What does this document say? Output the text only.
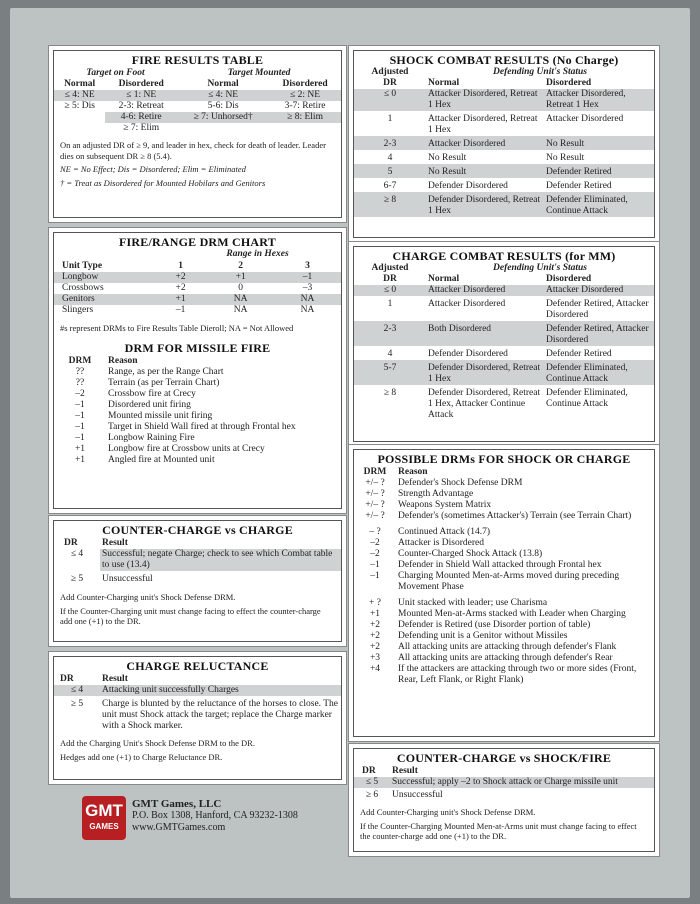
FIRE RESULTS TABLE
Target on Foot		Target Mounted	
Normal	Disordered	Normal	Disordered
≤ 4: NE	≤ 1: NE	≤ 4: NE	≤ 2: NE
≥ 5: Dis	2-3: Retreat	5-6: Dis	3-7: Retire
	4-6: Retire	≥ 7: Unhorsed†	≥ 8: Elim
	≥ 7: Elim		
On an adjusted DR of ≥ 9, and leader in hex, check for death of leader. Leader dies on subsequent DR ≥ 8 (5.4).
NE = No Effect; Dis = Disordered; Elim = Eliminated
† = Treat as Disordered for Mounted Hobilars and Genitors
FIRE/RANGE DRM CHART
Range in Hexes
Unit Type	1	2	3
Longbow	+2	+1	–1
Crossbows	+2	0	–3
Genitors	+1	NA	NA
Slingers	–1	NA	NA
#s represent DRMs to Fire Results Table Dieroll; NA = Not Allowed
DRM FOR MISSILE FIRE
DRM	Reason
??	Range, as per the Range Chart
??	Terrain (as per Terrain Chart)
–2	Crossbow fire at Crecy
–1	Disordered unit firing
–1	Mounted missile unit firing
–1	Target in Shield Wall fired at through Frontal hex
–1	Longbow Raining Fire
+1	Longbow fire at Crossbow units at Crecy
+1	Angled fire at Mounted unit
COUNTER-CHARGE vs CHARGE
DR	Result
≤ 4	Successful; negate Charge; check to see which Combat table to use (13.4)
≥ 5	Unsuccessful
Add Counter-Charging unit's Shock Defense DRM.
If the Counter-Charging unit must change facing to effect the counter-charge add one (+1) to the DR.
CHARGE RELUCTANCE
DR	Result
≤ 4	Attacking unit successfully Charges
≥ 5	Charge is blunted by the reluctance of the horses to close. The unit must Shock attack the target; replace the Charge marker with a Shock marker.
Add the Charging Unit's Shock Defense DRM to the DR.
Hedges add one (+1) to Charge Reluctance DR.
GMT
GAMES
GMT Games, LLC
P.O. Box 1308, Hanford, CA 93232-1308
www.GMTGames.com
SHOCK COMBAT RESULTS (No Charge)
Adjusted	Defending Unit's Status	
DR	Normal	Disordered
≤ 0	Attacker Disordered, Retreat 1 Hex	Attacker Disordered, Retreat 1 Hex
1	Attacker Disordered, Retreat 1 Hex	Attacker Disordered
2-3	Attacker Disordered	No Result
4	No Result	No Result
5	No Result	Defender Retired
6-7	Defender Disordered	Defender Retired
≥ 8	Defender Disordered, Retreat 1 Hex	Defender Eliminated, Continue Attack
CHARGE COMBAT RESULTS (for MM)
Adjusted	Defending Unit's Status	
DR	Normal	Disordered
≤ 0	Attacker Disordered	Attacker Disordered
1	Attacker Disordered	Defender Retired, Attacker Disordered
2-3	Both Disordered	Defender Retired, Attacker Disordered
4	Defender Disordered	Defender Retired
5-7	Defender Disordered, Retreat 1 Hex	Defender Eliminated, Continue Attack
≥ 8	Defender Disordered, Retreat 1 Hex, Attacker Continue Attack	Defender Eliminated, Continue Attack
POSSIBLE DRMs FOR SHOCK OR CHARGE
DRM	Reason
+/– ?	Defender's Shock Defense DRM
+/– ?	Strength Advantage
+/– ?	Weapons System Matrix
+/– ?	Defender's (sometimes Attacker's) Terrain (see Terrain Chart)
– ?	Continued Attack (14.7)
–2	Attacker is Disordered
–2	Counter-Charged Shock Attack (13.8)
–1	Defender in Shield Wall attacked through Frontal hex
–1	Charging Mounted Men-at-Arms moved during preceding Movement Phase
+ ?	Unit stacked with leader; use Charisma
+1	Mounted Men-at-Arms stacked with Leader when Charging
+2	Defender is Retired (use Disorder portion of table)
+2	Defending unit is a Genitor without Missiles
+2	All attacking units are attacking through defender's Flank
+3	All attacking units are attacking through defender's Rear
+4	If the attackers are attacking through two or more sides (Front, Rear, Left Flank, or Right Flank)
COUNTER-CHARGE vs SHOCK/FIRE
DR	Result
≤ 5	Successful; apply –2 to Shock attack or Charge missile unit
≥ 6	Unsuccessful
Add Counter-Charging unit's Shock Defense DRM.
If the Counter-Charging Mounted Men-at-Arms unit must change facing to effect the counter-charge add one (+1) to the DR.
